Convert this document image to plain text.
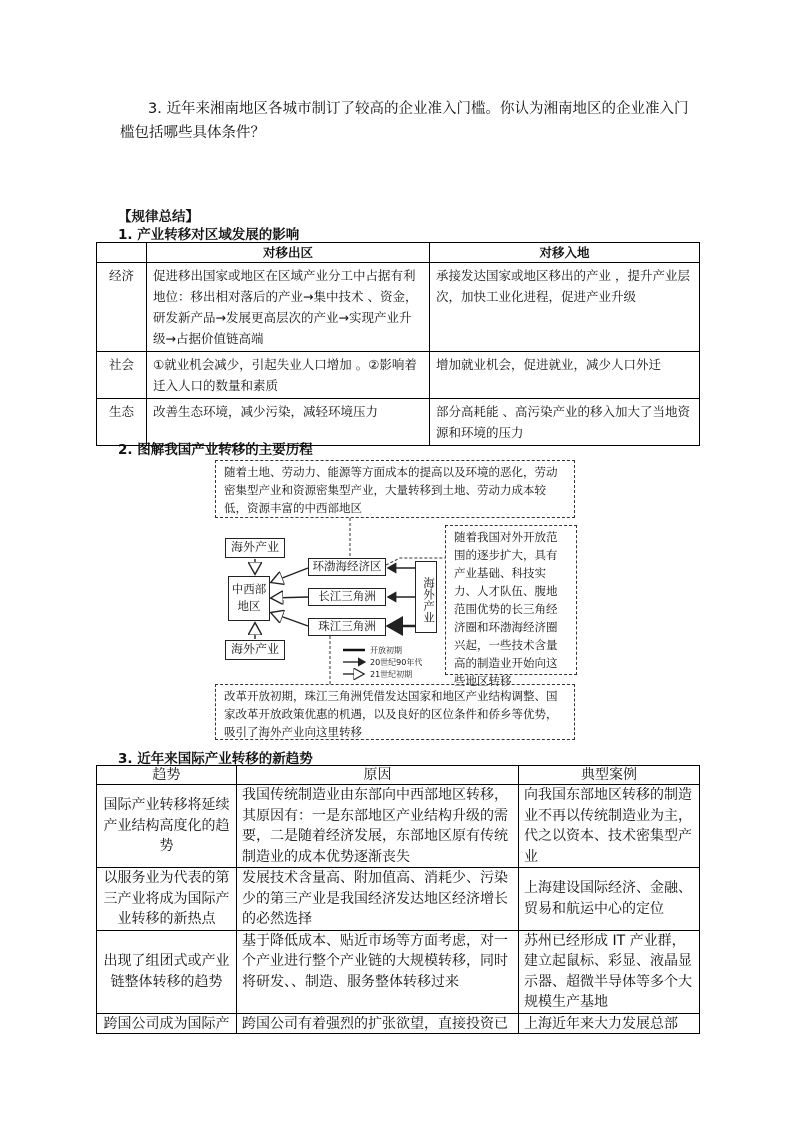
3. 近年来湘南地区各城市制订了较高的企业准入门槛。你认为湘南地区的企业准入门槛包括哪些具体条件？
【规律总结】
1. 产业转移对区域发展的影响
	对移出区	对移入地
经济	促进移出国家或地区在区域产业分工中占据有利地位：移出相对落后的产业→集中技术 、资金，研发新产品→发展更高层次的产业→实现产业升级→占据价值链高端	承接发达国家或地区移出的产业 ，提升产业层次，加快工业化进程，促进产业升级
社会	①就业机会减少，引起失业人口增加 。②影响着迁入人口的数量和素质	增加就业机会，促进就业，减少人口外迁
生态	改善生态环境，减少污染，减轻环境压力	部分高耗能 、高污染产业的移入加大了当地资源和环境的压力
2. 图解我国产业转移的主要历程
随着土地、劳动力、能源等方面成本的提高以及环境的恶化，劳动密集型产业和资源密集型产业，大量转移到土地、劳动力成本较低，资源丰富的中西部地区
随着我国对外开放范围的逐步扩大，具有产业基础、科技实力、人才队伍、腹地范围优势的长三角经济圈和环渤海经济圈兴起，一些技术含量高的制造业开始向这些地区转移
改革开放初期，珠江三角洲凭借发达国家和地区产业结构调整、国家改革开放政策优惠的机遇，以及良好的区位条件和侨乡等优势，吸引了海外产业向这里转移
海外产业
海外产业
中西部地区
环渤海经济区
长江三角洲
珠江三角洲
海外产业
开放初期
20世纪90年代
21世纪初期
3. 近年来国际产业转移的新趋势
趋势	原因	典型案例
国际产业转移将延续产业结构高度化的趋势	我国传统制造业由东部向中西部地区转移，其原因有：一是东部地区产业结构升级的需要，二是随着经济发展，东部地区原有传统制造业的成本优势逐渐丧失	向我国东部地区转移的制造业不再以传统制造业为主，代之以资本、技术密集型产业
以服务业为代表的第三产业将成为国际产业转移的新热点	发展技术含量高、附加值高、消耗少、污染少的第三产业是我国经济发达地区经济增长的必然选择	上海建设国际经济、金融、贸易和航运中心的定位
出现了组团式或产业链整体转移的趋势	基于降低成本、贴近市场等方面考虑，对一个产业进行整个产业链的大规模转移，同时将研发、、制造、服务整体转移过来	苏州已经形成 IT 产业群，建立起鼠标、彩显、液晶显示器、超微半导体等多个大规模生产基地

跨国公司成为国际产	跨国公司有着强烈的扩张欲望，直接投资已	上海近年来大力发展总部
